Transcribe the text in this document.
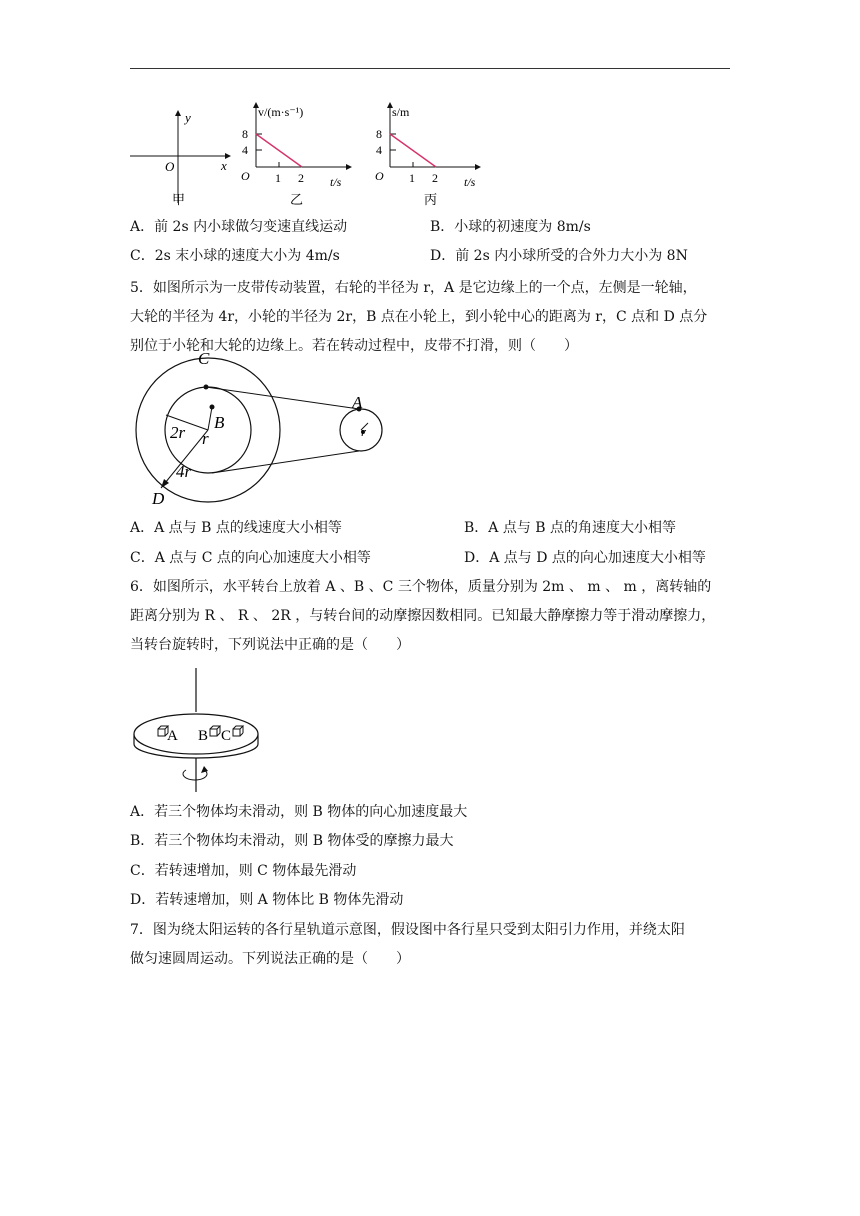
y
x
O
甲
v/(m·s⁻¹)
8
4
O 1 2 t/s
乙
s/m
8
4
O 1 2 t/s
丙
A．前 2s 内小球做匀变速直线运动	B．小球的初速度为 8m/s
C．2s 末小球的速度大小为 4m/s	D．前 2s 内小球所受的合外力大小为 8N
5．如图所示为一皮带传动装置，右轮的半径为 r，A 是它边缘上的一个点，左侧是一轮轴，
大轮的半径为 4r，小轮的半径为 2r，B 点在小轮上，到小轮中心的距离为 r，C 点和 D 点分
别位于小轮和大轮的边缘上。若在转动过程中，皮带不打滑，则（　　）
C
A
B
D
2r r
4r
r
A．A 点与 B 点的线速度大小相等	B．A 点与 B 点的角速度大小相等
C．A 点与 C 点的向心加速度大小相等	D．A 点与 D 点的向心加速度大小相等
6．如图所示，水平转台上放着 A 、B 、C 三个物体，质量分别为 2m 、 m 、 m ，离转轴的
距离分别为 R 、 R 、 2R ，与转台间的动摩擦因数相同。已知最大静摩擦力等于滑动摩擦力，
当转台旋转时，下列说法中正确的是（　　）
A B C
A．若三个物体均未滑动，则 B 物体的向心加速度最大
B．若三个物体均未滑动，则 B 物体受的摩擦力最大
C．若转速增加，则 C 物体最先滑动
D．若转速增加，则 A 物体比 B 物体先滑动
7．图为绕太阳运转的各行星轨道示意图，假设图中各行星只受到太阳引力作用，并绕太阳
做匀速圆周运动。下列说法正确的是（　　）
